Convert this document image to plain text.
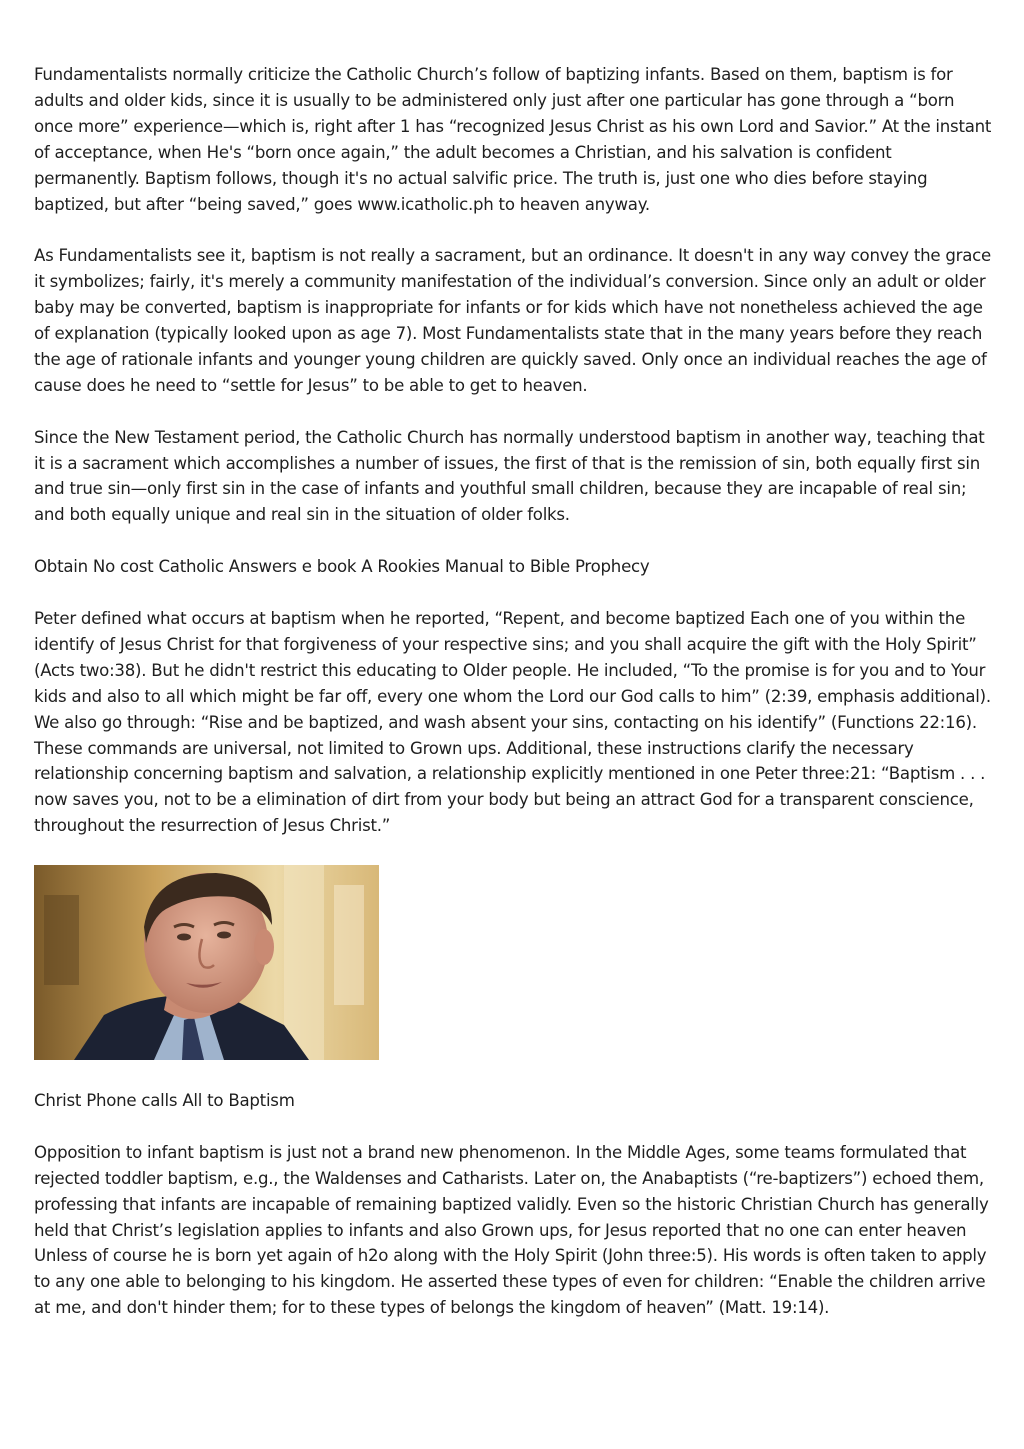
Fundamentalists normally criticize the Catholic Church’s follow of baptizing infants. Based on them, baptism is for adults and older kids, since it is usually to be administered only just after one particular has gone through a “born once more” experience—which is, right after 1 has “recognized Jesus Christ as his own Lord and Savior.” At the instant of acceptance, when He's “born once again,” the adult becomes a Christian, and his salvation is confident permanently. Baptism follows, though it's no actual salvific price. The truth is, just one who dies before staying baptized, but after “being saved,” goes www.icatholic.ph to heaven anyway.

As Fundamentalists see it, baptism is not really a sacrament, but an ordinance. It doesn't in any way convey the grace it symbolizes; fairly, it's merely a community manifestation of the individual’s conversion. Since only an adult or older baby may be converted, baptism is inappropriate for infants or for kids which have not nonetheless achieved the age of explanation (typically looked upon as age 7). Most Fundamentalists state that in the many years before they reach the age of rationale infants and younger young children are quickly saved. Only once an individual reaches the age of cause does he need to “settle for Jesus” to be able to get to heaven.

Since the New Testament period, the Catholic Church has normally understood baptism in another way, teaching that it is a sacrament which accomplishes a number of issues, the first of that is the remission of sin, both equally first sin and true sin—only first sin in the case of infants and youthful small children, because they are incapable of real sin; and both equally unique and real sin in the situation of older folks.

Obtain No cost Catholic Answers e book A Rookies Manual to Bible Prophecy

Peter defined what occurs at baptism when he reported, “Repent, and become baptized Each one of you within the identify of Jesus Christ for that forgiveness of your respective sins; and you shall acquire the gift with the Holy Spirit” (Acts two:38). But he didn't restrict this educating to Older people. He included, “To the promise is for you and to Your kids and also to all which might be far off, every one whom the Lord our God calls to him” (2:39, emphasis additional). We also go through: “Rise and be baptized, and wash absent your sins, contacting on his identify” (Functions 22:16). These commands are universal, not limited to Grown ups. Additional, these instructions clarify the necessary relationship concerning baptism and salvation, a relationship explicitly mentioned in one Peter three:21: “Baptism . . . now saves you, not to be a elimination of dirt from your body but being an attract God for a transparent conscience, throughout the resurrection of Jesus Christ.”

Christ Phone calls All to Baptism

Opposition to infant baptism is just not a brand new phenomenon. In the Middle Ages, some teams formulated that rejected toddler baptism, e.g., the Waldenses and Catharists. Later on, the Anabaptists (“re-baptizers”) echoed them, professing that infants are incapable of remaining baptized validly. Even so the historic Christian Church has generally held that Christ’s legislation applies to infants and also Grown ups, for Jesus reported that no one can enter heaven Unless of course he is born yet again of h2o along with the Holy Spirit (John three:5). His words is often taken to apply to any one able to belonging to his kingdom. He asserted these types of even for children: “Enable the children arrive at me, and don't hinder them; for to these types of belongs the kingdom of heaven” (Matt. 19:14).
